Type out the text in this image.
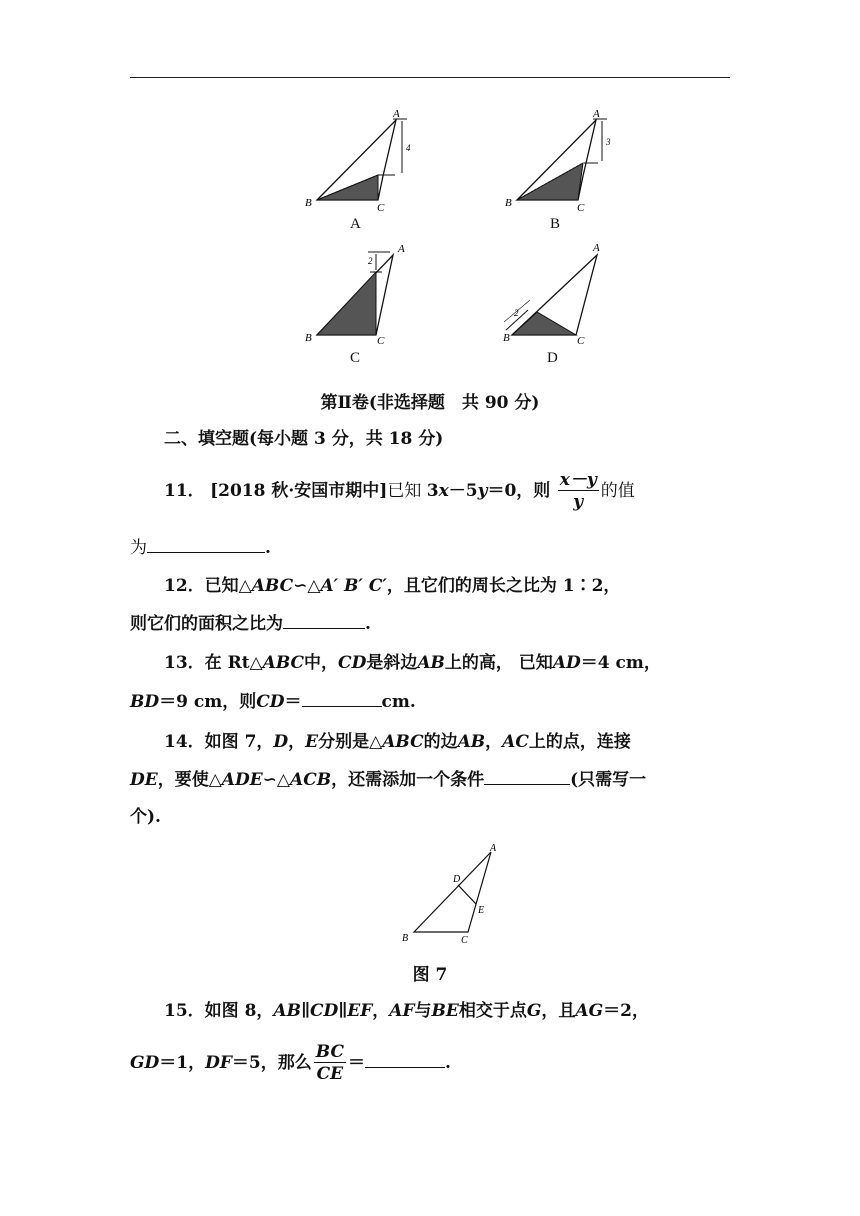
4
A
B	C
A
3
A
B	C
B
2
A
B	C
C
2
A
B	C
D
第Ⅱ卷(非选择题　共 90 分)
二、填空题(每小题 3 分，共 18 分)
11． [2018 秋·安国市期中]已知 3x－5y＝0，则 $\frac{x-y}{y}$ 的值
为	.
12．已知△ABC∽△A′ B′ C′，且它们的周长之比为 1∶2，
则它们的面积之比为	.
13．在 Rt△ABC中，CD是斜边AB上的高， 已知AD＝4 cm，
BD＝9 cm，则CD＝	cm.
14．如图 7，D，E分别是△ABC的边AB，AC上的点，连接
DE，要使△ADE∽△ACB，还需添加一个条件	(只需写一
个).
A
B	C
D
E
图 7
15．如图 8，AB∥CD∥EF，AF与BE相交于点G，且AG＝2，
GD＝1，DF＝5，那么 $\frac{BC}{CE}$ ＝	.
